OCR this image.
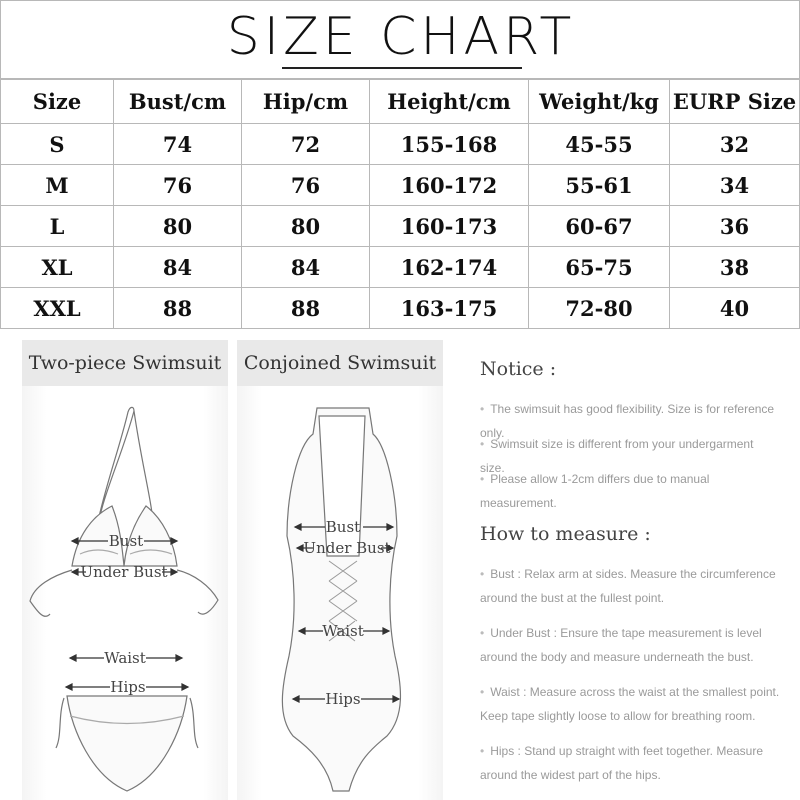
SIZE CHART
Size	Bust/cm	Hip/cm	Height/cm	Weight/kg	EURP Size
S	74	72	155-168	45-55	32
M	76	76	160-172	55-61	34
L	80	80	160-173	60-67	36
XL	84	84	162-174	65-75	38
XXL	88	88	163-175	72-80	40
Two-piece Swimsuit
Bust
Under Bust
Waist
Hips
Conjoined Swimsuit
Bust
Under Bust
Waist
Hips
Notice :
• The swimsuit has good flexibility. Size is for reference only.
• Swimsuit size is different from your undergarment size.
• Please allow 1-2cm differs due to manual measurement.
How to measure :
• Bust : Relax arm at sides. Measure the circumference around the bust at the fullest point.
• Under Bust : Ensure the tape measurement is level around the body and measure underneath the bust.
• Waist : Measure across the waist at the smallest point. Keep tape slightly loose to allow for breathing room.
• Hips : Stand up straight with feet together. Measure around the widest part of the hips.
